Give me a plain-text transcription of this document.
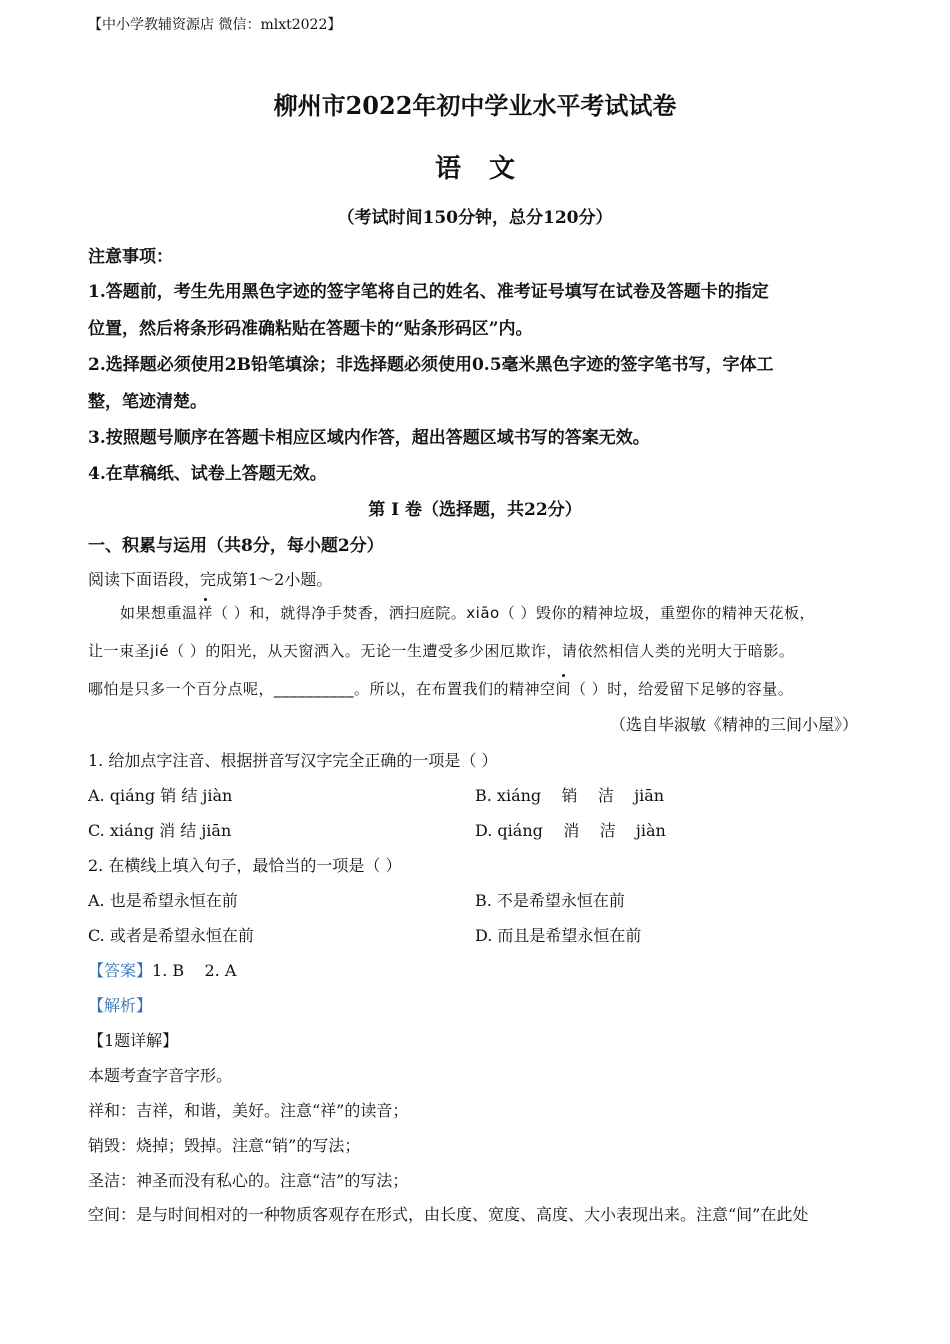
【中小学教辅资源店 微信：mlxt2022】
柳州市2022年初中学业水平考试试卷
语文
（考试时间150分钟，总分120分）
注意事项：
1.答题前，考生先用黑色字迹的签字笔将自己的姓名、准考证号填写在试卷及答题卡的指定
位置，然后将条形码准确粘贴在答题卡的“贴条形码区”内。
2.选择题必须使用2B铅笔填涂；非选择题必须使用0.5毫米黑色字迹的签字笔书写，字体工
整，笔迹清楚。
3.按照题号顺序在答题卡相应区域内作答，超出答题区域书写的答案无效。
4.在草稿纸、试卷上答题无效。
第 Ⅰ 卷（选择题，共22分）
一、积累与运用（共8分，每小题2分）
阅读下面语段，完成第1～2小题。
如果想重温祥（ ）和，就得净手焚香，洒扫庭院。xiāo（ ）毁你的精神垃圾，重塑你的精神天花板，
让一束圣jié（ ）的阳光，从天窗洒入。无论一生遭受多少困厄欺诈，请依然相信人类的光明大于暗影。
哪怕是只多一个百分点呢，__________。所以，在布置我们的精神空间（ ）时，给爱留下足够的容量。
（选自毕淑敏《精神的三间小屋》）
1. 给加点字注音、根据拼音写汉字完全正确的一项是（ ）
A. qiáng 销 结 jiàn	B. xiáng    销    洁    jiān
C. xiáng 消 结 jiān	D. qiáng    消    洁    jiàn
2. 在横线上填入句子，最恰当的一项是（ ）
A. 也是希望永恒在前	B. 不是希望永恒在前
C. 或者是希望永恒在前	D. 而且是希望永恒在前
【答案】1. B    2. A
【解析】
【1题详解】
本题考查字音字形。
祥和：吉祥，和谐，美好。注意“祥”的读音；
销毁：烧掉；毁掉。注意“销”的写法；
圣洁：神圣而没有私心的。注意“洁”的写法；
空间：是与时间相对的一种物质客观存在形式，由长度、宽度、高度、大小表现出来。注意“间”在此处
